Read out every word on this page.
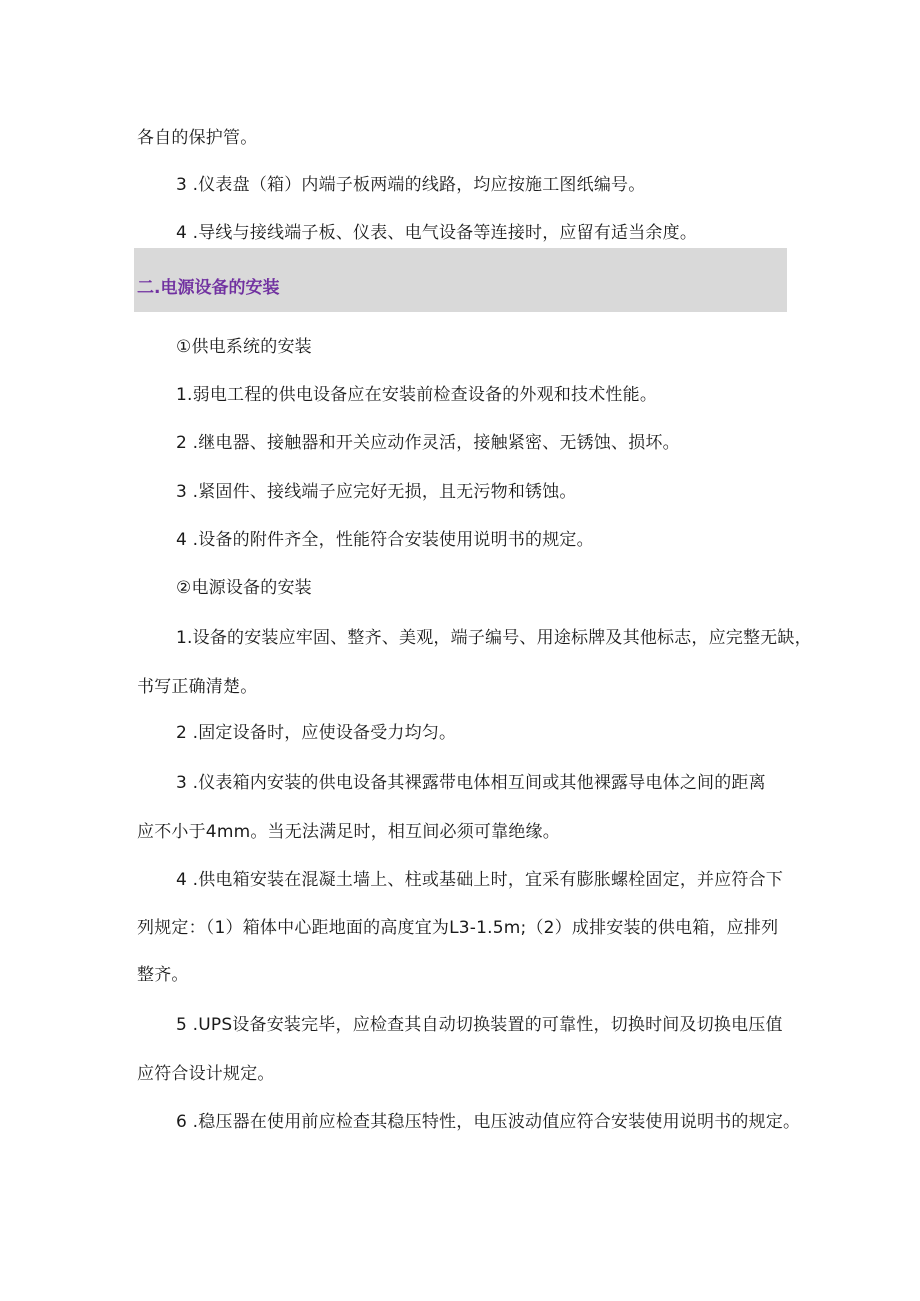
各自的保护管。
3 .仪表盘（箱）内端子板两端的线路，均应按施工图纸编号。
4 .导线与接线端子板、仪表、电气设备等连接时，应留有适当余度。
二.电源设备的安装
①供电系统的安装
1.弱电工程的供电设备应在安装前检查设备的外观和技术性能。
2 .继电器、接触器和开关应动作灵活，接触紧密、无锈蚀、损坏。
3 .紧固件、接线端子应完好无损，且无污物和锈蚀。
4 .设备的附件齐全，性能符合安装使用说明书的规定。
②电源设备的安装
1.设备的安装应牢固、整齐、美观，端子编号、用途标牌及其他标志，应完整无缺，
书写正确清楚。
2 .固定设备时，应使设备受力均匀。
3 .仪表箱内安装的供电设备其裸露带电体相互间或其他裸露导电体之间的距离
应不小于4mm。当无法满足时，相互间必须可靠绝缘。
4 .供电箱安装在混凝土墙上、柱或基础上时，宜采有膨胀螺栓固定，并应符合下
列规定：（1）箱体中心距地面的高度宜为L3-1.5m;（2）成排安装的供电箱，应排列
整齐。
5 .UPS设备安装完毕，应检查其自动切换装置的可靠性，切换时间及切换电压值
应符合设计规定。
6 .稳压器在使用前应检查其稳压特性，电压波动值应符合安装使用说明书的规定。
